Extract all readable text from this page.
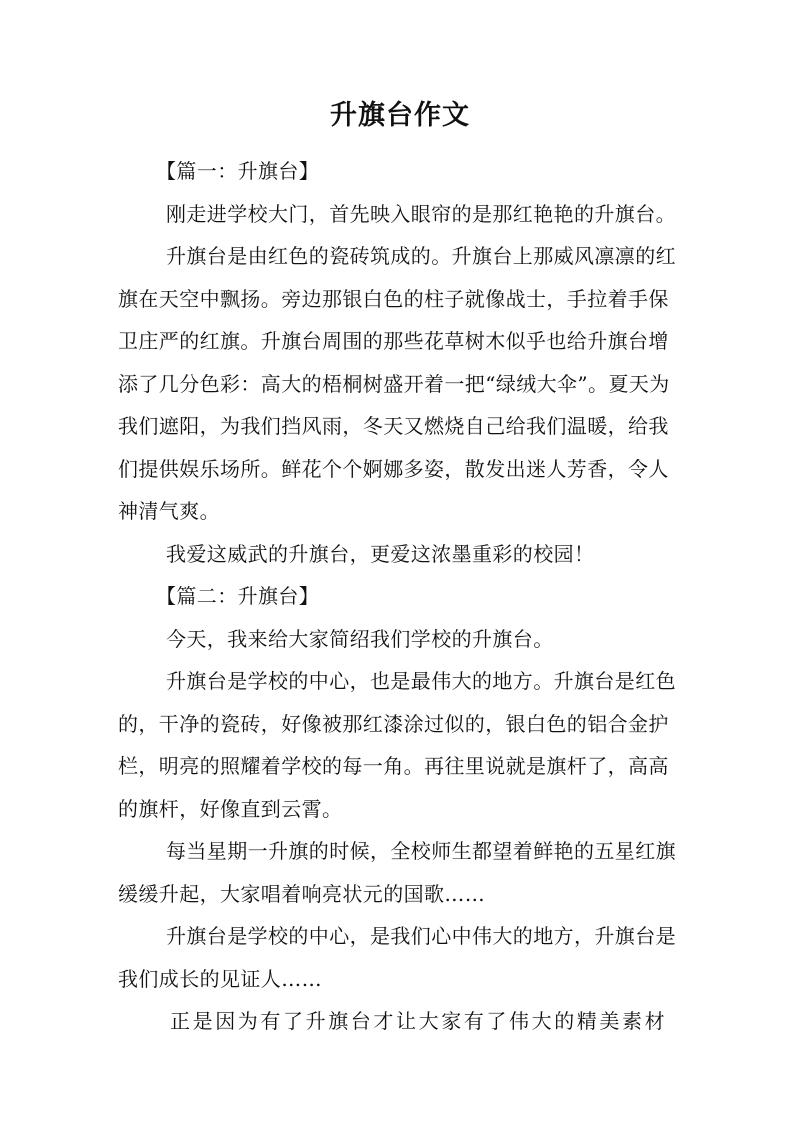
升旗台作文

【篇一：升旗台】

刚走进学校大门，首先映入眼帘的是那红艳艳的升旗台。

升旗台是由红色的瓷砖筑成的。升旗台上那威风凛凛的红旗在天空中飘扬。旁边那银白色的柱子就像战士，手拉着手保卫庄严的红旗。升旗台周围的那些花草树木似乎也给升旗台增添了几分色彩：高大的梧桐树盛开着一把“绿绒大伞”。夏天为我们遮阳，为我们挡风雨，冬天又燃烧自己给我们温暖，给我们提供娱乐场所。鲜花个个婀娜多姿，散发出迷人芳香，令人神清气爽。

我爱这威武的升旗台，更爱这浓墨重彩的校园！

【篇二：升旗台】

今天，我来给大家简绍我们学校的升旗台。

升旗台是学校的中心，也是最伟大的地方。升旗台是红色的，干净的瓷砖，好像被那红漆涂过似的，银白色的铝合金护栏，明亮的照耀着学校的每一角。再往里说就是旗杆了，高高的旗杆，好像直到云霄。

每当星期一升旗的时候，全校师生都望着鲜艳的五星红旗缓缓升起，大家唱着响亮状元的国歌……

升旗台是学校的中心，是我们心中伟大的地方，升旗台是我们成长的见证人……

正是因为有了升旗台才让大家有了伟大的精美素材
